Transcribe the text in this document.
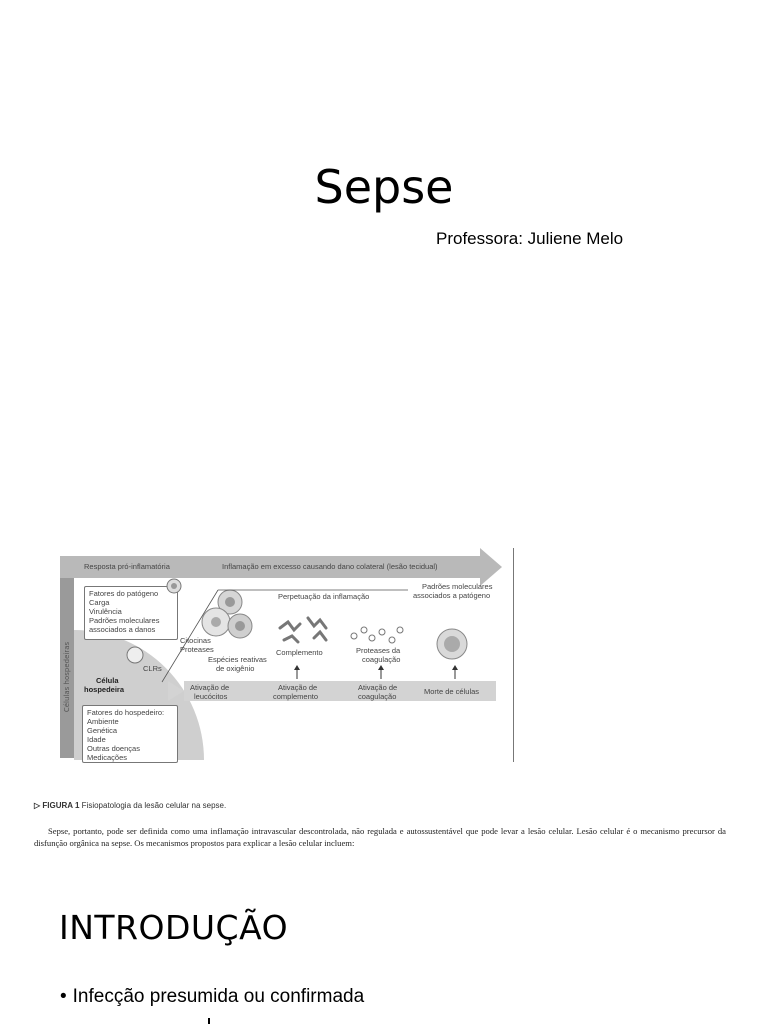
Sepse
Professora: Juliene Melo
Resposta pró-inflamatória	Inflamação em excesso causando dano colateral (lesão tecidual)
Células hospedeiras
Fatores do patógeno
Carga
Virulência
Padrões moleculares
associados a danos
Citocinas
Proteases
Espécies reativas
de oxigênio
Perpetuação da inflamação
Padrões moleculares
associados a patógeno
Complemento	Proteases da
coagulação
CLRs
Célula
hospedeira	Ativação de
leucócitos
Ativação de
complemento
Ativação de
coagulação
Morte de células
Fatores do hospedeiro:
Ambiente
Genética
Idade
Outras doenças
Medicações
▷ FIGURA 1 Fisiopatologia da lesão celular na sepse.
Sepse, portanto, pode ser definida como uma inflamação intravascular descontrolada, não regulada e autossustentável que pode levar a lesão celular. Lesão celular é o mecanismo precursor da disfunção orgânica na sepse. Os mecanismos propostos para explicar a lesão celular incluem:
INTRODUÇÃO
• Infecção presumida ou confirmada
